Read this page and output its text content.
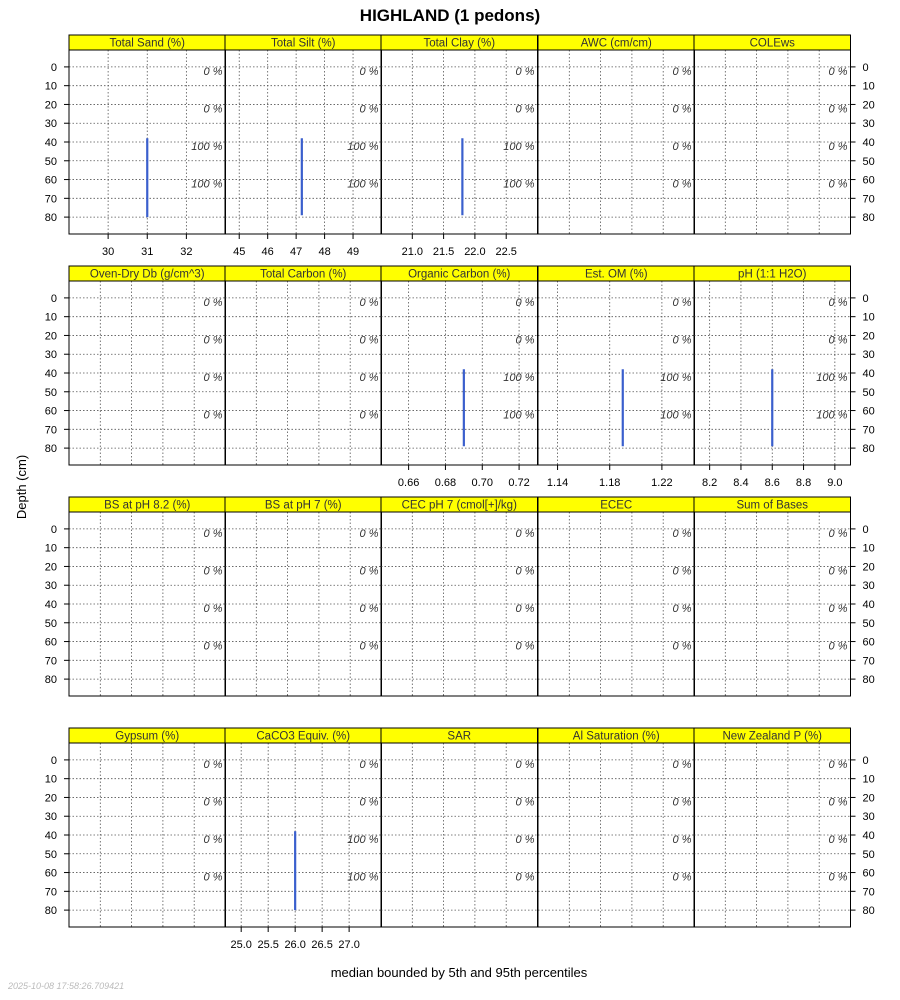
HIGHLAND (1 pedons)
Depth (cm)
median bounded by 5th and 95th percentiles
2025-10-08 17:58:26.709421
Total Sand (%)
0 %
0 %
100 %
100 %
30 31 32
Total Silt (%)
0 %
0 %
100 %
100 %
45 46 47 48 49
Total Clay (%)
0 %
0 %
100 %
100 %
21.0 21.5 22.0 22.5
AWC (cm/cm)
0 %
0 %
0 %
0 %
COLEws
0 %
0 %
0 %
0 %
0	0
10	10
20	20
30	30
40	40
50	50
60	60
70	70
80	80
Oven-Dry Db (g/cm^3)
0 %
0 %
0 %
0 %
Total Carbon (%)
0 %
0 %
0 %
0 %
Organic Carbon (%)
0 %
0 %
100 %
100 %
0.66 0.68 0.70 0.72
Est. OM (%)
0 %
0 %
100 %
100 %
1.14	1.18	1.22
pH (1:1 H2O)
0 %
0 %
100 %
100 %
8.2 8.4 8.6 8.8 9.0
0	0
10	10
20	20
30	30
40	40
50	50
60	60
70	70
80	80
BS at pH 8.2 (%)
0 %
0 %
0 %
0 %
BS at pH 7 (%)
0 %
0 %
0 %
0 %
CEC pH 7 (cmol[+]/kg)
0 %
0 %
0 %
0 %
ECEC
0 %
0 %
0 %
0 %
Sum of Bases
0 %
0 %
0 %
0 %
0	0
10	10
20	20
30	30
40	40
50	50
60	60
70	70
80	80
Gypsum (%)
0 %
0 %
0 %
0 %
CaCO3 Equiv. (%)
0 %
0 %
100 %
100 %
25.0 25.5 26.0 26.5 27.0
SAR
0 %
0 %
0 %
0 %
Al Saturation (%)
0 %
0 %
0 %
0 %
New Zealand P (%)
0 %
0 %
0 %
0 %
0	0
10	10
20	20
30	30
40	40
50	50
60	60
70	70
80	80
